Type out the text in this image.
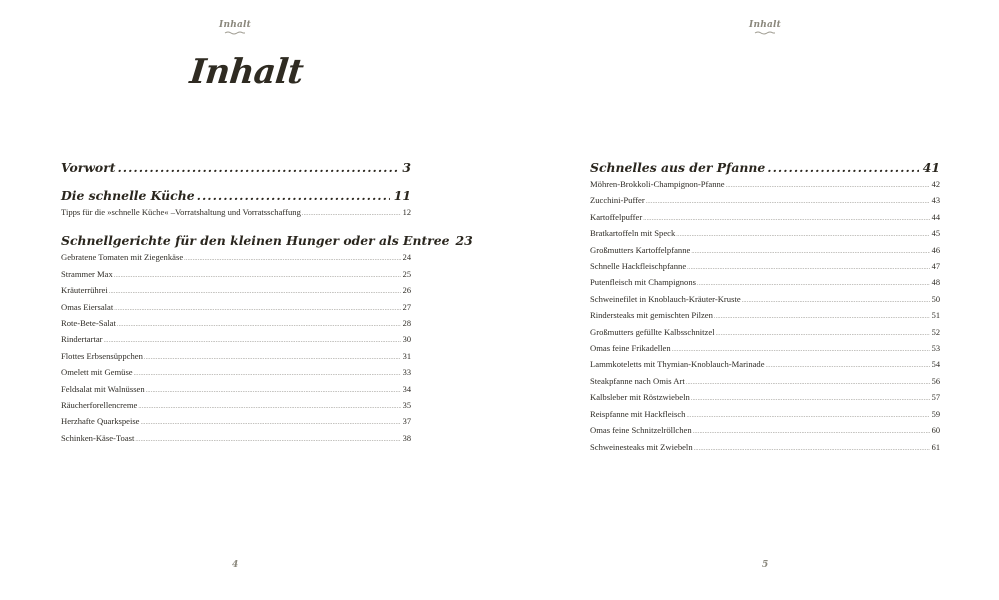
Inhalt
Inhalt
Vorwort .....	3
Die schnelle Küche .....	11
Tipps für die »schnelle Küche« –Vorratshaltung und Vorratsschaffung .....	12
Schnellgerichte für den kleinen Hunger oder als Entree 23
Gebratene Tomaten mit Ziegenkäse .....	24
Strammer Max .....	25
Kräuterrührei .....	26
Omas Eiersalat .....	27
Rote-Bete-Salat .....	28
Rindertartar .....	30
Flottes Erbsensüppchen .....	31
Omelett mit Gemüse .....	33
Feldsalat mit Walnüssen .....	34
Räucherforellencreme .....	35
Herzhafte Quarkspeise .....	37
Schinken-Käse-Toast .....	38
4
Inhalt
Schnelles aus der Pfanne .....	41
Möhren-Brokkoli-Champignon-Pfanne .....	42
Zucchini-Puffer .....	43
Kartoffelpuffer .....	44
Bratkartoffeln mit Speck .....	45
Großmutters Kartoffelpfanne .....	46
Schnelle Hackfleischpfanne .....	47
Putenfleisch mit Champignons .....	48
Schweinefilet in Knoblauch-Kräuter-Kruste .....	50
Rindersteaks mit gemischten Pilzen .....	51
Großmutters gefüllte Kalbsschnitzel .....	52
Omas feine Frikadellen .....	53
Lammkoteletts mit Thymian-Knoblauch-Marinade .....	54
Steakpfanne nach Omis Art .....	56
Kalbsleber mit Röstzwiebeln .....	57
Reispfanne mit Hackfleisch .....	59
Omas feine Schnitzelröllchen .....	60
Schweinesteaks mit Zwiebeln .....	61
5
